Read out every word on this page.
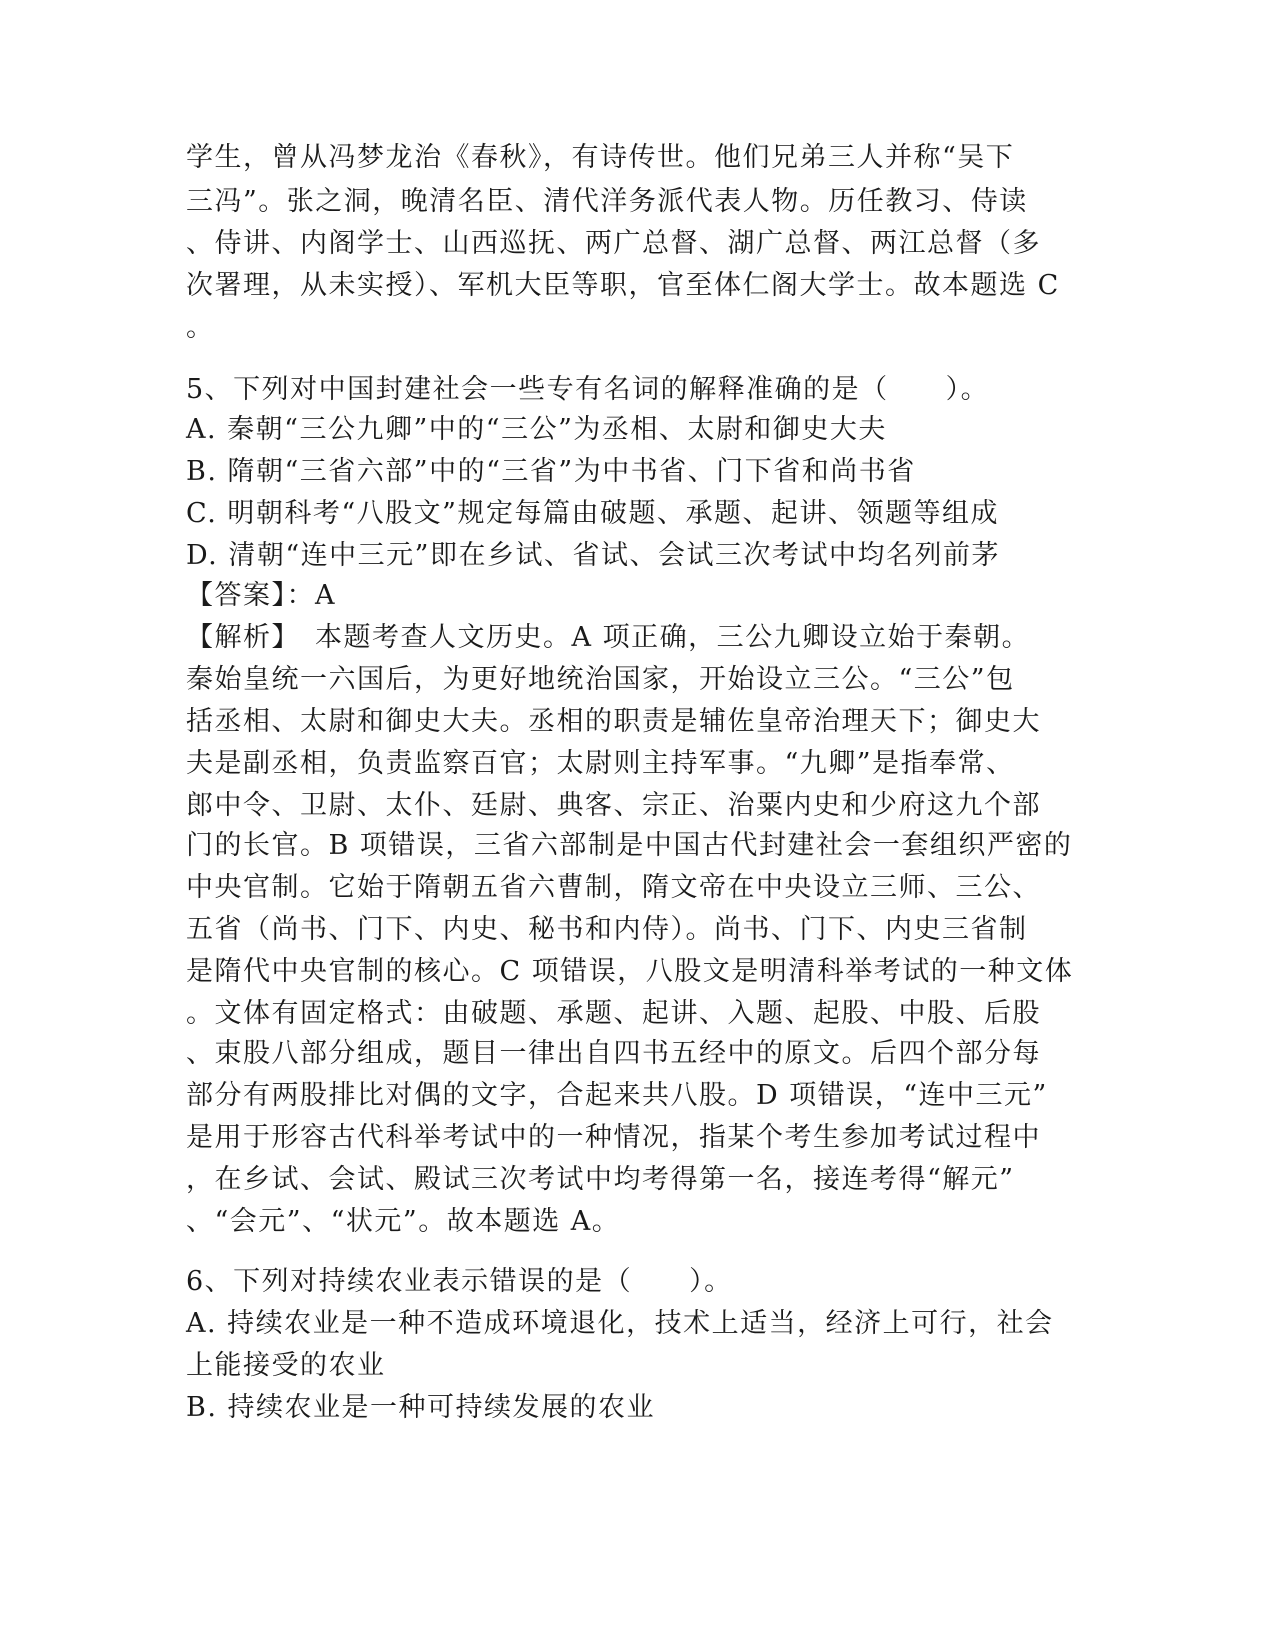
学生，曾从冯梦龙治《春秋》，有诗传世。他们兄弟三人并称“吴下
三冯”。张之洞，晚清名臣、清代洋务派代表人物。历任教习、侍读
、侍讲、内阁学士、山西巡抚、两广总督、湖广总督、两江总督（多
次署理，从未实授）、军机大臣等职，官至体仁阁大学士。故本题选 C
。
5、下列对中国封建社会一些专有名词的解释准确的是（　　）。
A. 秦朝“三公九卿”中的“三公”为丞相、太尉和御史大夫
B. 隋朝“三省六部”中的“三省”为中书省、门下省和尚书省
C. 明朝科考“八股文”规定每篇由破题、承题、起讲、领题等组成
D. 清朝“连中三元”即在乡试、省试、会试三次考试中均名列前茅
【答案】：A
【解析】　本题考查人文历史。A 项正确，三公九卿设立始于秦朝。
秦始皇统一六国后，为更好地统治国家，开始设立三公。“三公”包
括丞相、太尉和御史大夫。丞相的职责是辅佐皇帝治理天下；御史大
夫是副丞相，负责监察百官；太尉则主持军事。“九卿”是指奉常、
郎中令、卫尉、太仆、廷尉、典客、宗正、治粟内史和少府这九个部
门的长官。B 项错误，三省六部制是中国古代封建社会一套组织严密的
中央官制。它始于隋朝五省六曹制，隋文帝在中央设立三师、三公、
五省（尚书、门下、内史、秘书和内侍）。尚书、门下、内史三省制
是隋代中央官制的核心。C 项错误，八股文是明清科举考试的一种文体
。文体有固定格式：由破题、承题、起讲、入题、起股、中股、后股
、束股八部分组成，题目一律出自四书五经中的原文。后四个部分每
部分有两股排比对偶的文字，合起来共八股。D 项错误，“连中三元”
是用于形容古代科举考试中的一种情况，指某个考生参加考试过程中
，在乡试、会试、殿试三次考试中均考得第一名，接连考得“解元”
、“会元”、“状元”。故本题选 A。
6、下列对持续农业表示错误的是（　　）。
A. 持续农业是一种不造成环境退化，技术上适当，经济上可行，社会
上能接受的农业
B. 持续农业是一种可持续发展的农业
